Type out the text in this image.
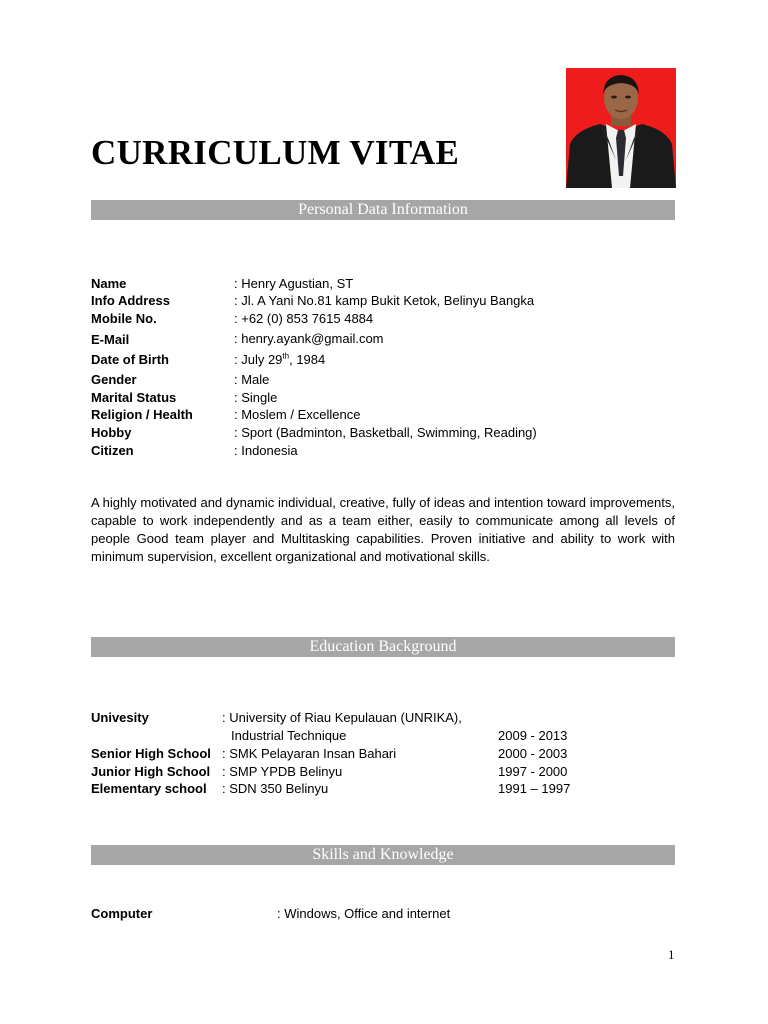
CURRICULUM VITAE
Personal Data Information
Name	: Henry Agustian, ST
Info Address	: Jl. A Yani No.81 kamp Bukit Ketok, Belinyu Bangka
Mobile No.	: +62 (0) 853 7615 4884
E-Mail	: henry.ayank@gmail.com
Date of Birth	: July 29th, 1984
Gender	: Male
Marital Status	: Single
Religion / Health	: Moslem / Excellence
Hobby	: Sport (Badminton, Basketball, Swimming, Reading)
Citizen	: Indonesia
A highly motivated and dynamic individual, creative, fully of ideas and intention toward improvements, capable to work independently and as a team either, easily to communicate among all levels of people Good team player and Multitasking capabilities. Proven initiative and ability to work with minimum supervision, excellent organizational and motivational skills.
Education Background
Univesity	: University of Riau Kepulauan (UNRIKA),
Industrial Technique	2009 - 2013
Senior High School : SMK Pelayaran Insan Bahari	2000 - 2003
Junior High School : SMP YPDB Belinyu	1997 - 2000
Elementary school : SDN 350 Belinyu	1991 – 1997
Skills and Knowledge
Computer	: Windows, Office and internet
1
